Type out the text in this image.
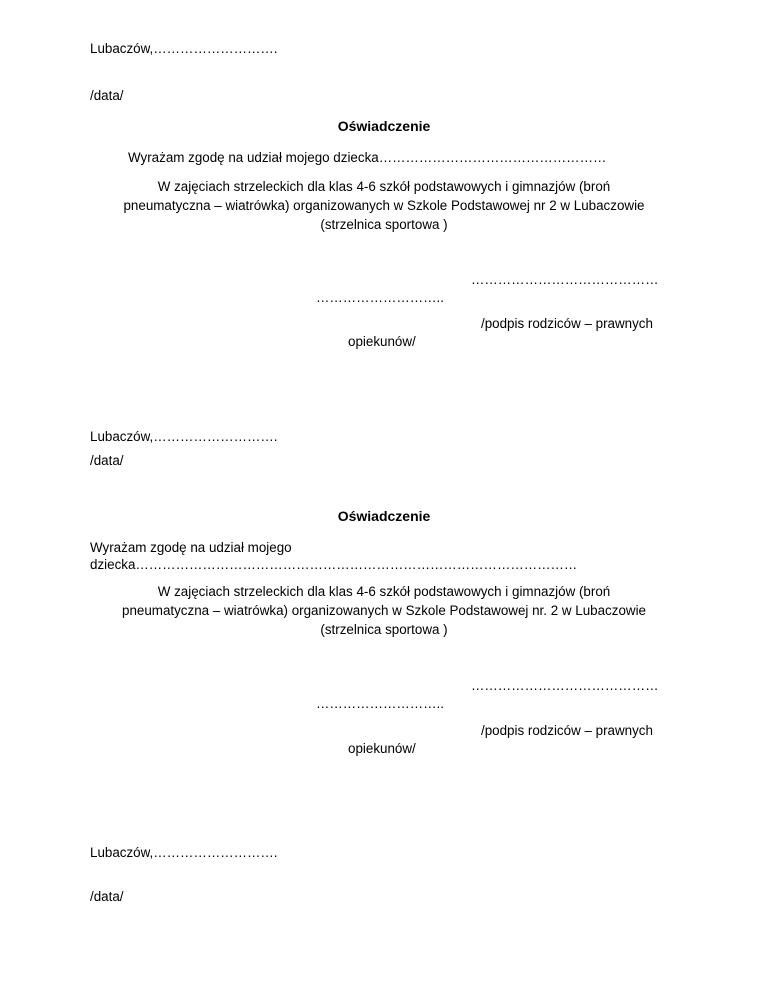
Lubaczów,……………………….
/data/
Oświadczenie
Wyrażam zgodę na udział mojego dziecka……………………………………………
W zajęciach strzeleckich dla klas 4-6 szkół podstawowych i gimnazjów (broń
pneumatyczna – wiatrówka) organizowanych w Szkole Podstawowej nr 2 w Lubaczowie
(strzelnica sportowa )
……………………………………
………………………..
/podpis rodziców – prawnych
opiekunów/
Lubaczów,……………………….
/data/
Oświadczenie
Wyrażam zgodę na udział mojego
dziecka………………………………………………………………………………………
W zajęciach strzeleckich dla klas 4-6 szkół podstawowych i gimnazjów (broń
pneumatyczna – wiatrówka) organizowanych w Szkole Podstawowej nr. 2 w Lubaczowie
(strzelnica sportowa )
……………………………………
………………………..
/podpis rodziców – prawnych
opiekunów/
Lubaczów,……………………….
/data/
